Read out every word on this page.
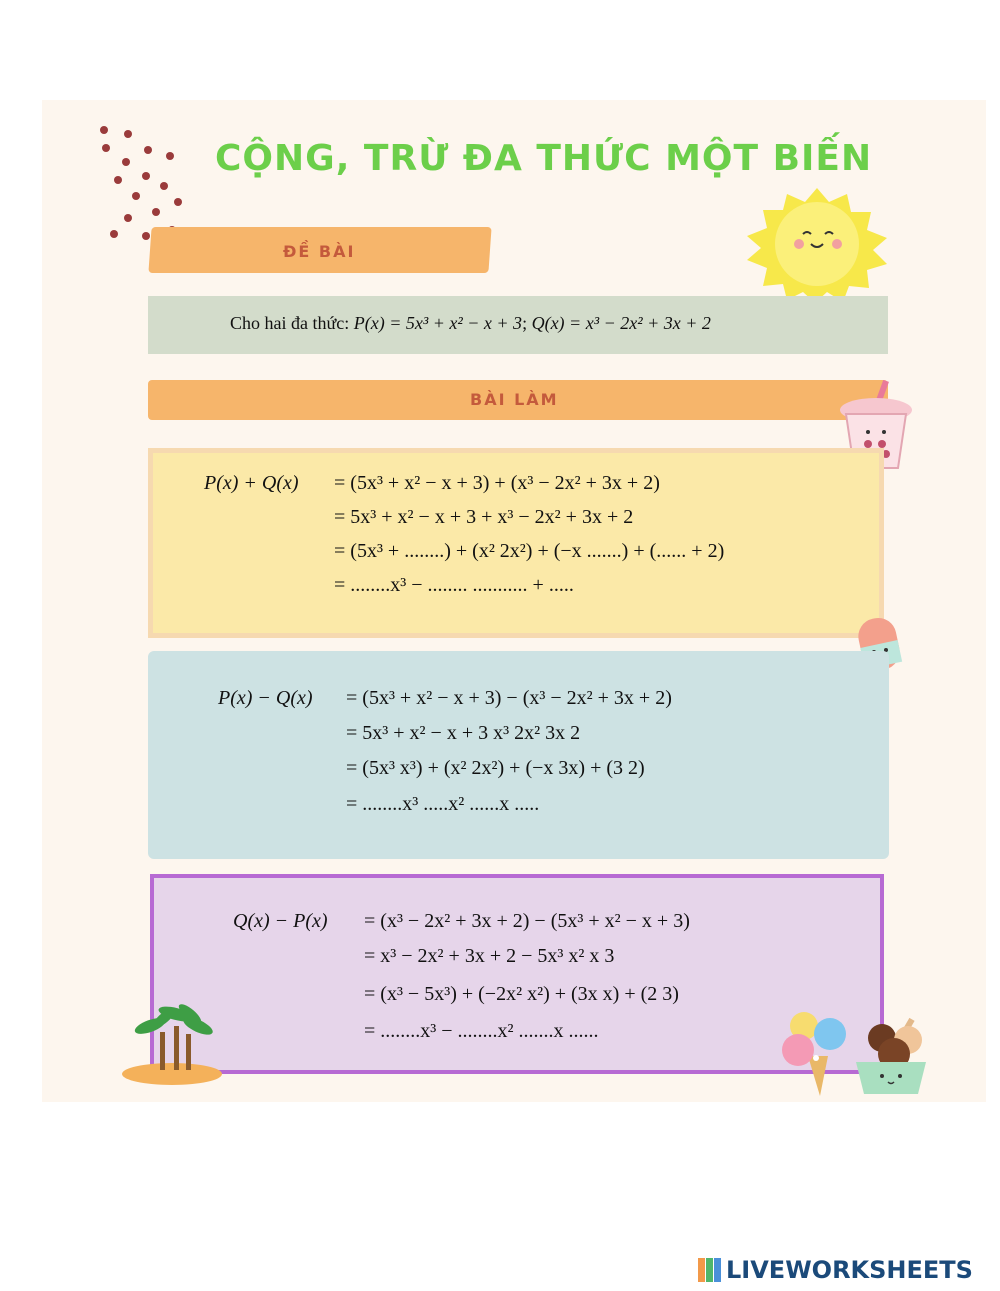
CỘNG, TRỪ ĐA THỨC MỘT BIẾN
ĐỀ BÀI
Cho hai đa thức: P(x) = 5x³ + x² − x + 3; Q(x) = x³ − 2x² + 3x + 2
BÀI LÀM
P(x) + Q(x) = (5x³ + x² − x + 3) + (x³ − 2x² + 3x + 2)
= 5x³ + x² − x + 3 + x³ − 2x² + 3x + 2
= (5x³ + ........) + (x² 2x²) + (−x .......) + (...... + 2)
= ........x³ − ........ ........... + .....
P(x) − Q(x) = (5x³ + x² − x + 3) − (x³ − 2x² + 3x + 2)
= 5x³ + x² − x + 3 x³ 2x² 3x 2
= (5x³ x³) + (x² 2x²) + (−x 3x) + (3 2)
= ........x³ .....x² ......x .....
Q(x) − P(x) = (x³ − 2x² + 3x + 2) − (5x³ + x² − x + 3)
= x³ − 2x² + 3x + 2 − 5x³ x² x 3
= (x³ − 5x³) + (−2x² x²) + (3x x) + (2 3)
= ........x³ − ........x² .......x ......
LIVEWORKSHEETS
